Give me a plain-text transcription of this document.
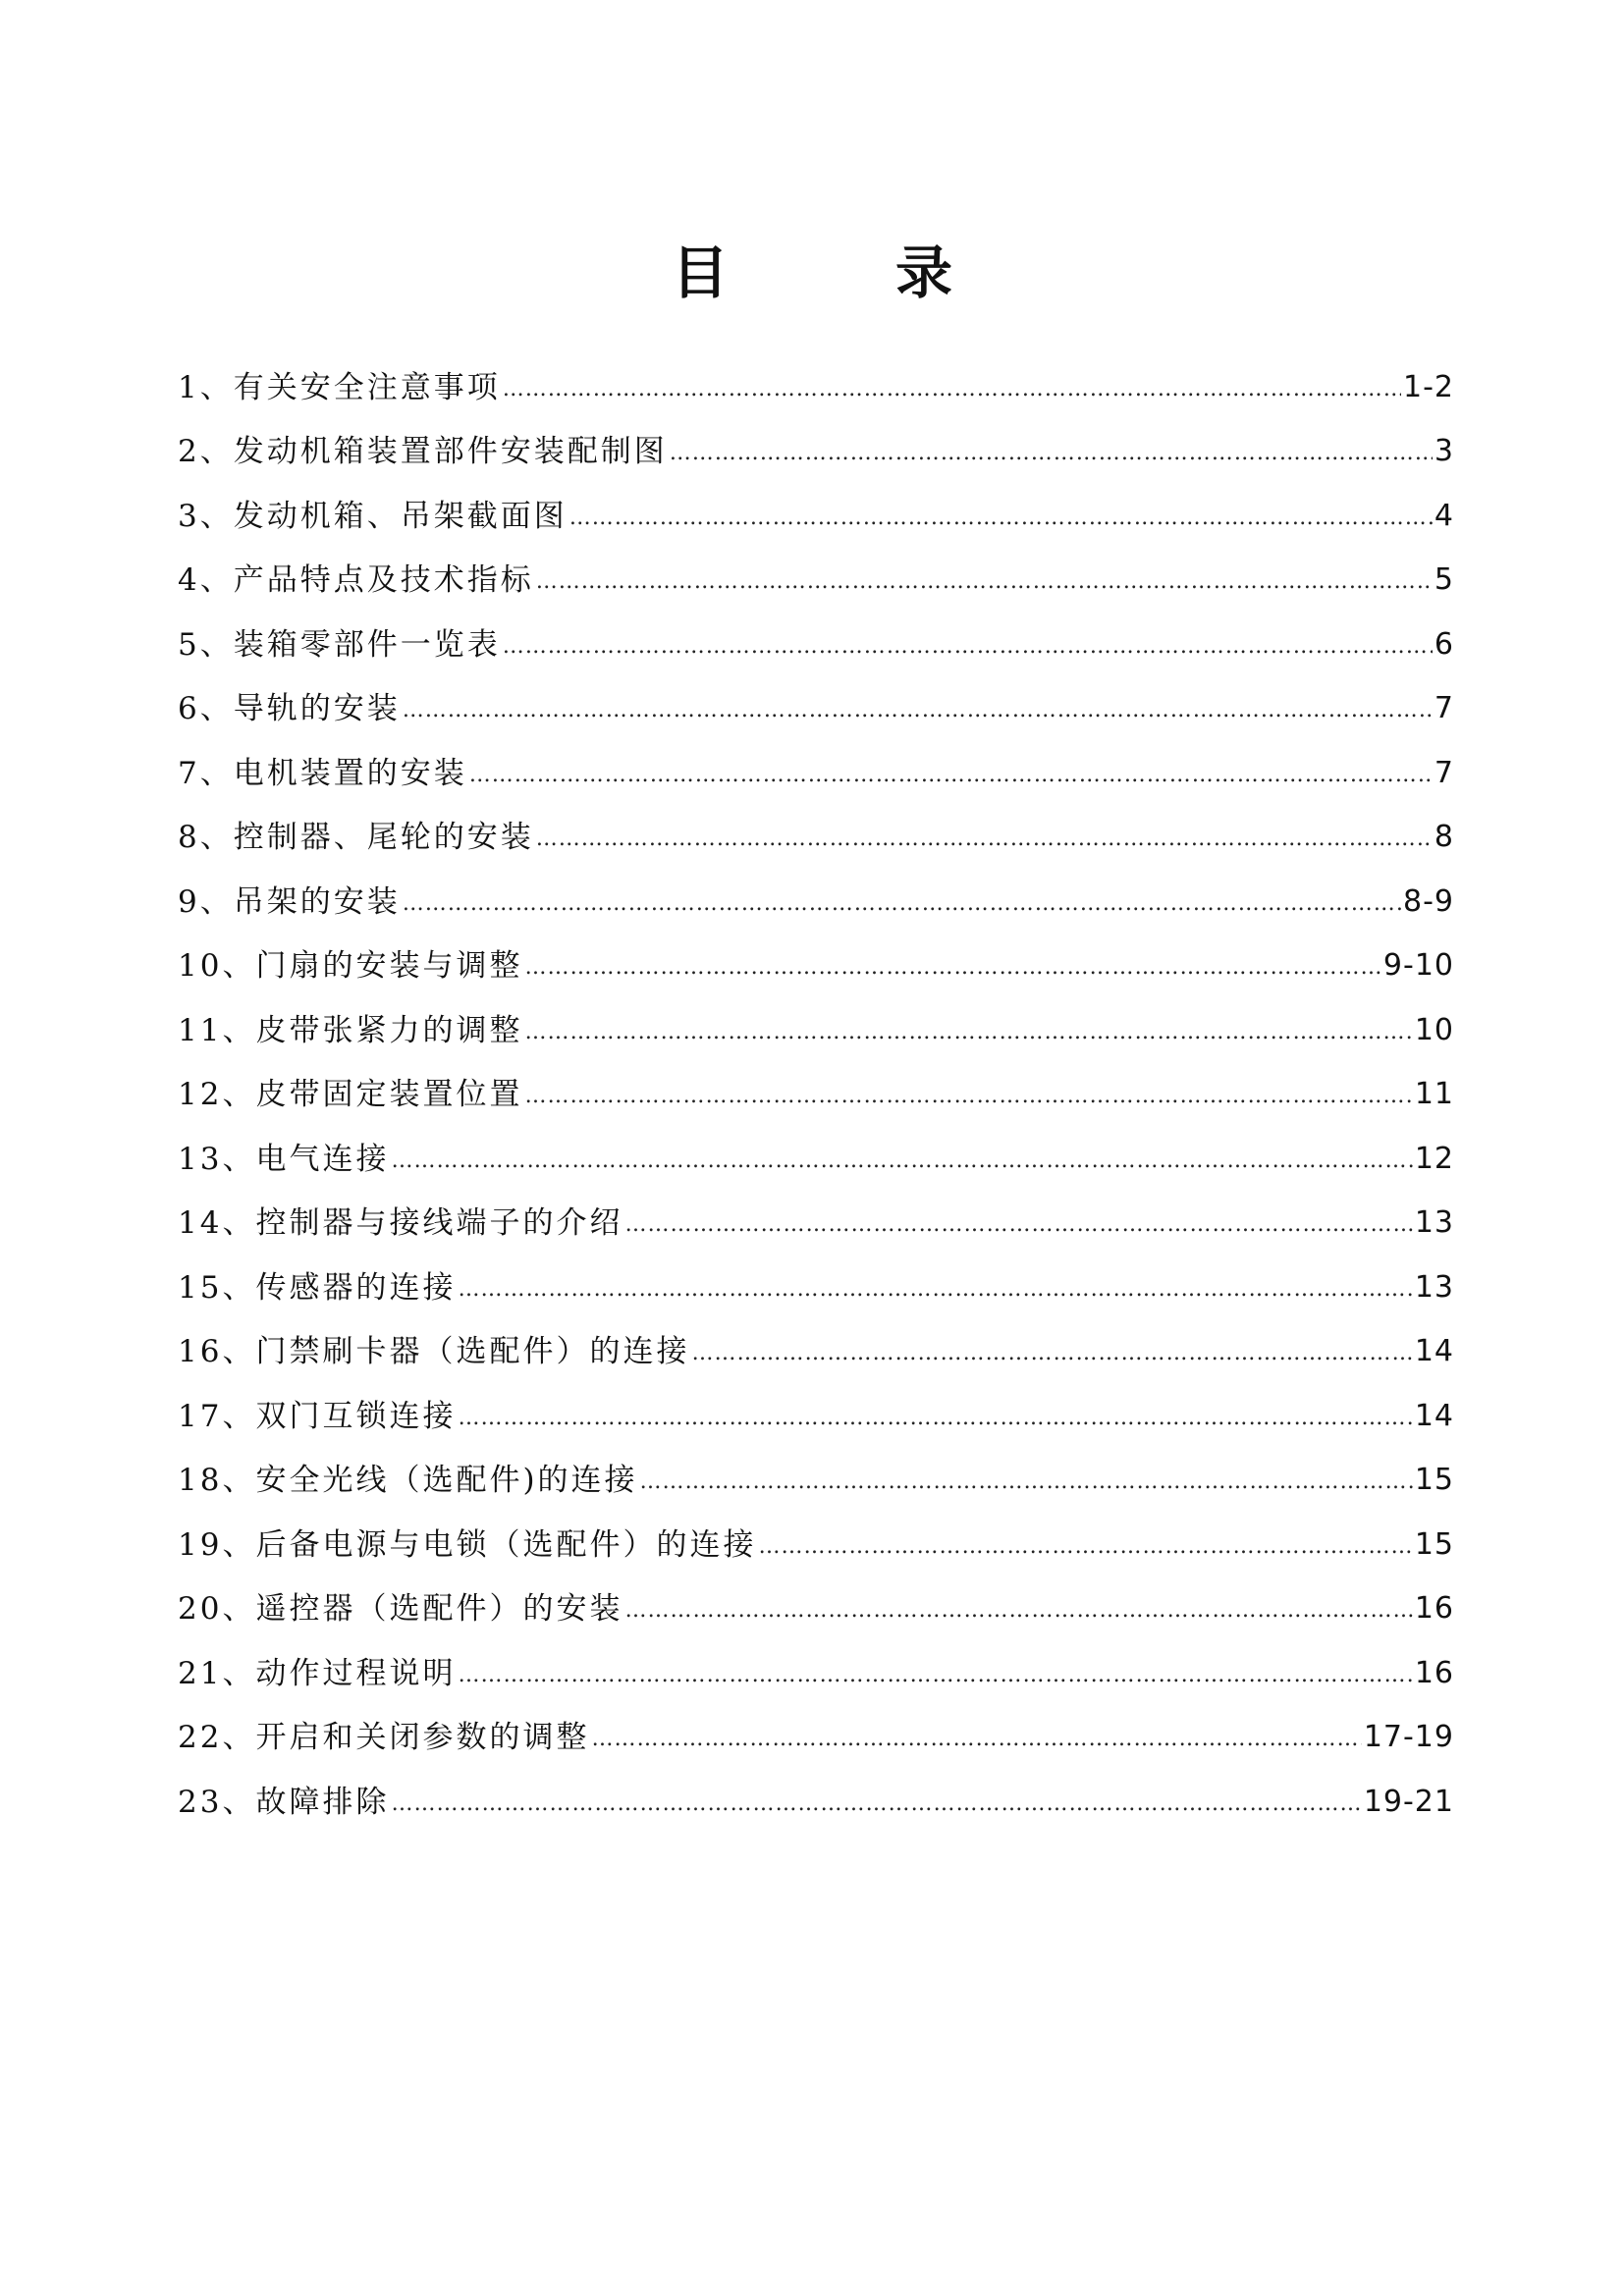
目　录
1、有关安全注意事项 …………………………………………………………………………………………………………………………………………………………………………………………………………	1-2
2、发动机箱装置部件安装配制图 …………………………………………………………………………………………………………………………………………………………………………………………………………	3
3、发动机箱、吊架截面图 …………………………………………………………………………………………………………………………………………………………………………………………………………	4
4、产品特点及技术指标 …………………………………………………………………………………………………………………………………………………………………………………………………………	5
5、装箱零部件一览表 …………………………………………………………………………………………………………………………………………………………………………………………………………	6
6、导轨的安装 …………………………………………………………………………………………………………………………………………………………………………………………………………	7
7、电机装置的安装 …………………………………………………………………………………………………………………………………………………………………………………………………………	7
8、控制器、尾轮的安装 …………………………………………………………………………………………………………………………………………………………………………………………………………	8
9、吊架的安装 …………………………………………………………………………………………………………………………………………………………………………………………………………	8-9
10、门扇的安装与调整 …………………………………………………………………………………………………………………………………………………………………………………………………………	9-10
11、皮带张紧力的调整 …………………………………………………………………………………………………………………………………………………………………………………………………………	10
12、皮带固定装置位置 …………………………………………………………………………………………………………………………………………………………………………………………………………	11
13、电气连接 …………………………………………………………………………………………………………………………………………………………………………………………………………	12
14、控制器与接线端子的介绍 …………………………………………………………………………………………………………………………………………………………………………………………………………	13
15、传感器的连接 …………………………………………………………………………………………………………………………………………………………………………………………………………	13
16、门禁刷卡器（选配件）的连接 …………………………………………………………………………………………………………………………………………………………………………………………………………	14
17、双门互锁连接 …………………………………………………………………………………………………………………………………………………………………………………………………………	14
18、安全光线（选配件)的连接 …………………………………………………………………………………………………………………………………………………………………………………………………………	15
19、后备电源与电锁（选配件）的连接 …………………………………………………………………………………………………………………………………………………………………………………………………………	15
20、遥控器（选配件）的安装 …………………………………………………………………………………………………………………………………………………………………………………………………………	16
21、动作过程说明 …………………………………………………………………………………………………………………………………………………………………………………………………………	16
22、开启和关闭参数的调整 …………………………………………………………………………………………………………………………………………………………………………………………………………	17-19
23、故障排除 …………………………………………………………………………………………………………………………………………………………………………………………………………	19-21
